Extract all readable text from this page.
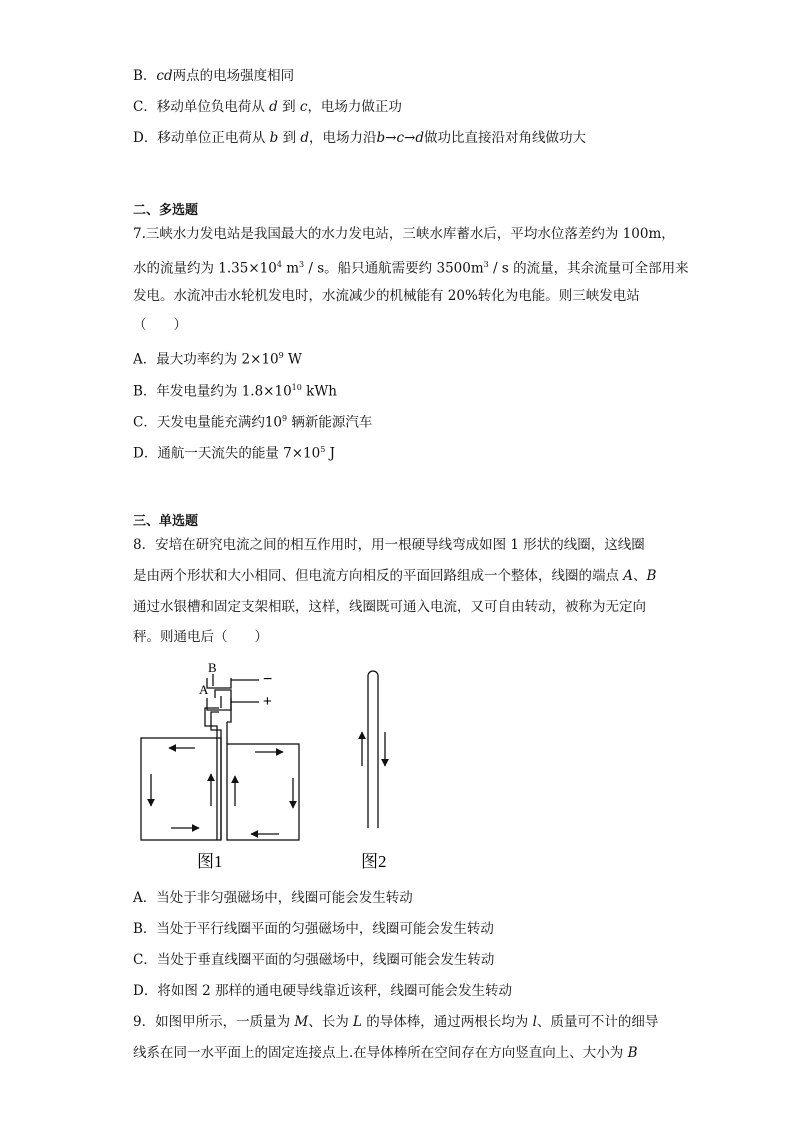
B．cd两点的电场强度相同
C．移动单位负电荷从 d 到 c，电场力做正功
D．移动单位正电荷从 b 到 d，电场力沿b→c→d做功比直接沿对角线做功大
二、多选题
7.三峡水力发电站是我国最大的水力发电站，三峡水库蓄水后，平均水位落差约为 100m，
水的流量约为 $1.35\times 10^4$ $m^3$ / s。船只通航需要约 $3500m^3$ / s 的流量，其余流量可全部用来
发电。水流冲击水轮机发电时，水流减少的机械能有 20%转化为电能。则三峡发电站
（　　）
A．最大功率约为 $2\times 10^9$ W
B．年发电量约为 $1.8\times 10^{10}$ kWh
C．天发电量能充满约$10^9$ 辆新能源汽车
D．通航一天流失的能量 $7\times 10^5$ J
三、单选题
8．安培在研究电流之间的相互作用时，用一根硬导线弯成如图 1 形状的线圈，这线圈
是由两个形状和大小相同、但电流方向相反的平面回路组成一个整体，线圈的端点 A、B
通过水银槽和固定支架相联，这样，线圈既可通入电流，又可自由转动，被称为无定向
秤。则通电后（　　）
B
A
−
+
图1	图2
A．当处于非匀强磁场中，线圈可能会发生转动
B．当处于平行线圈平面的匀强磁场中，线圈可能会发生转动
C．当处于垂直线圈平面的匀强磁场中，线圈可能会发生转动
D．将如图 2 那样的通电硬导线靠近该秤，线圈可能会发生转动
9．如图甲所示，一质量为 M、长为 L 的导体棒，通过两根长均为 l、质量可不计的细导
线系在同一水平面上的固定连接点上.在导体棒所在空间存在方向竖直向上、大小为 B
